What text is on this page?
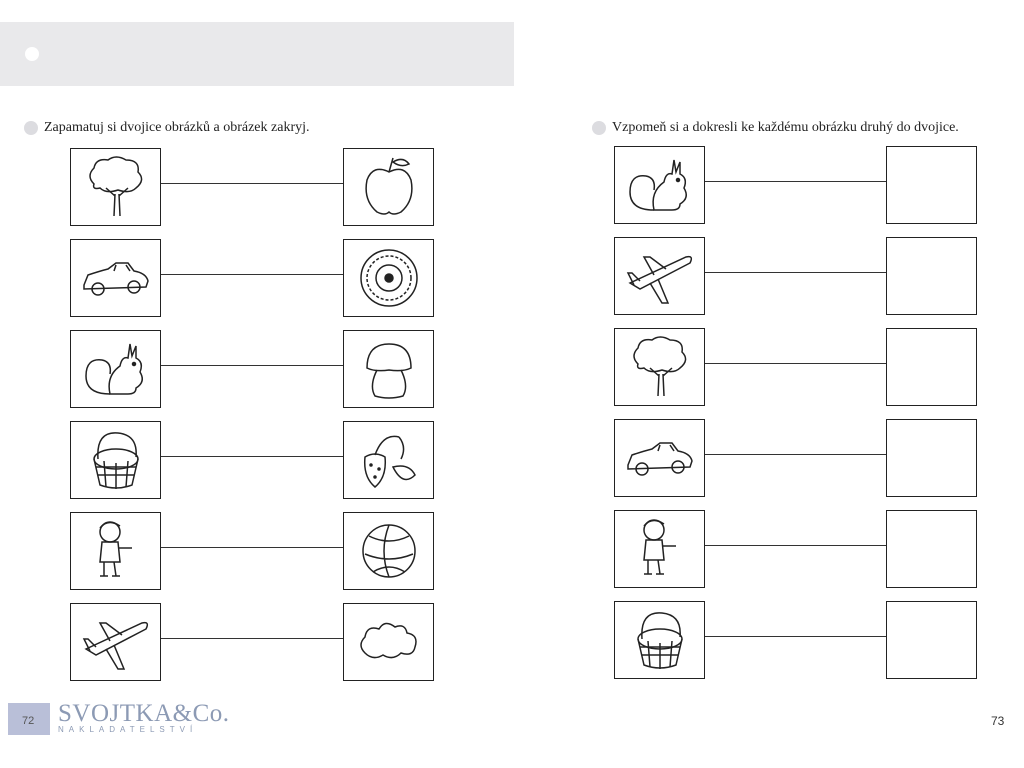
Zapamatuj si dvojice obrázků a obrázek zakryj.	Vzpomeň si a dokresli ke každému obrázku druhý do dvojice.
72 SVOJTKA&Co.
NAKLADATELSTVÍ
73
